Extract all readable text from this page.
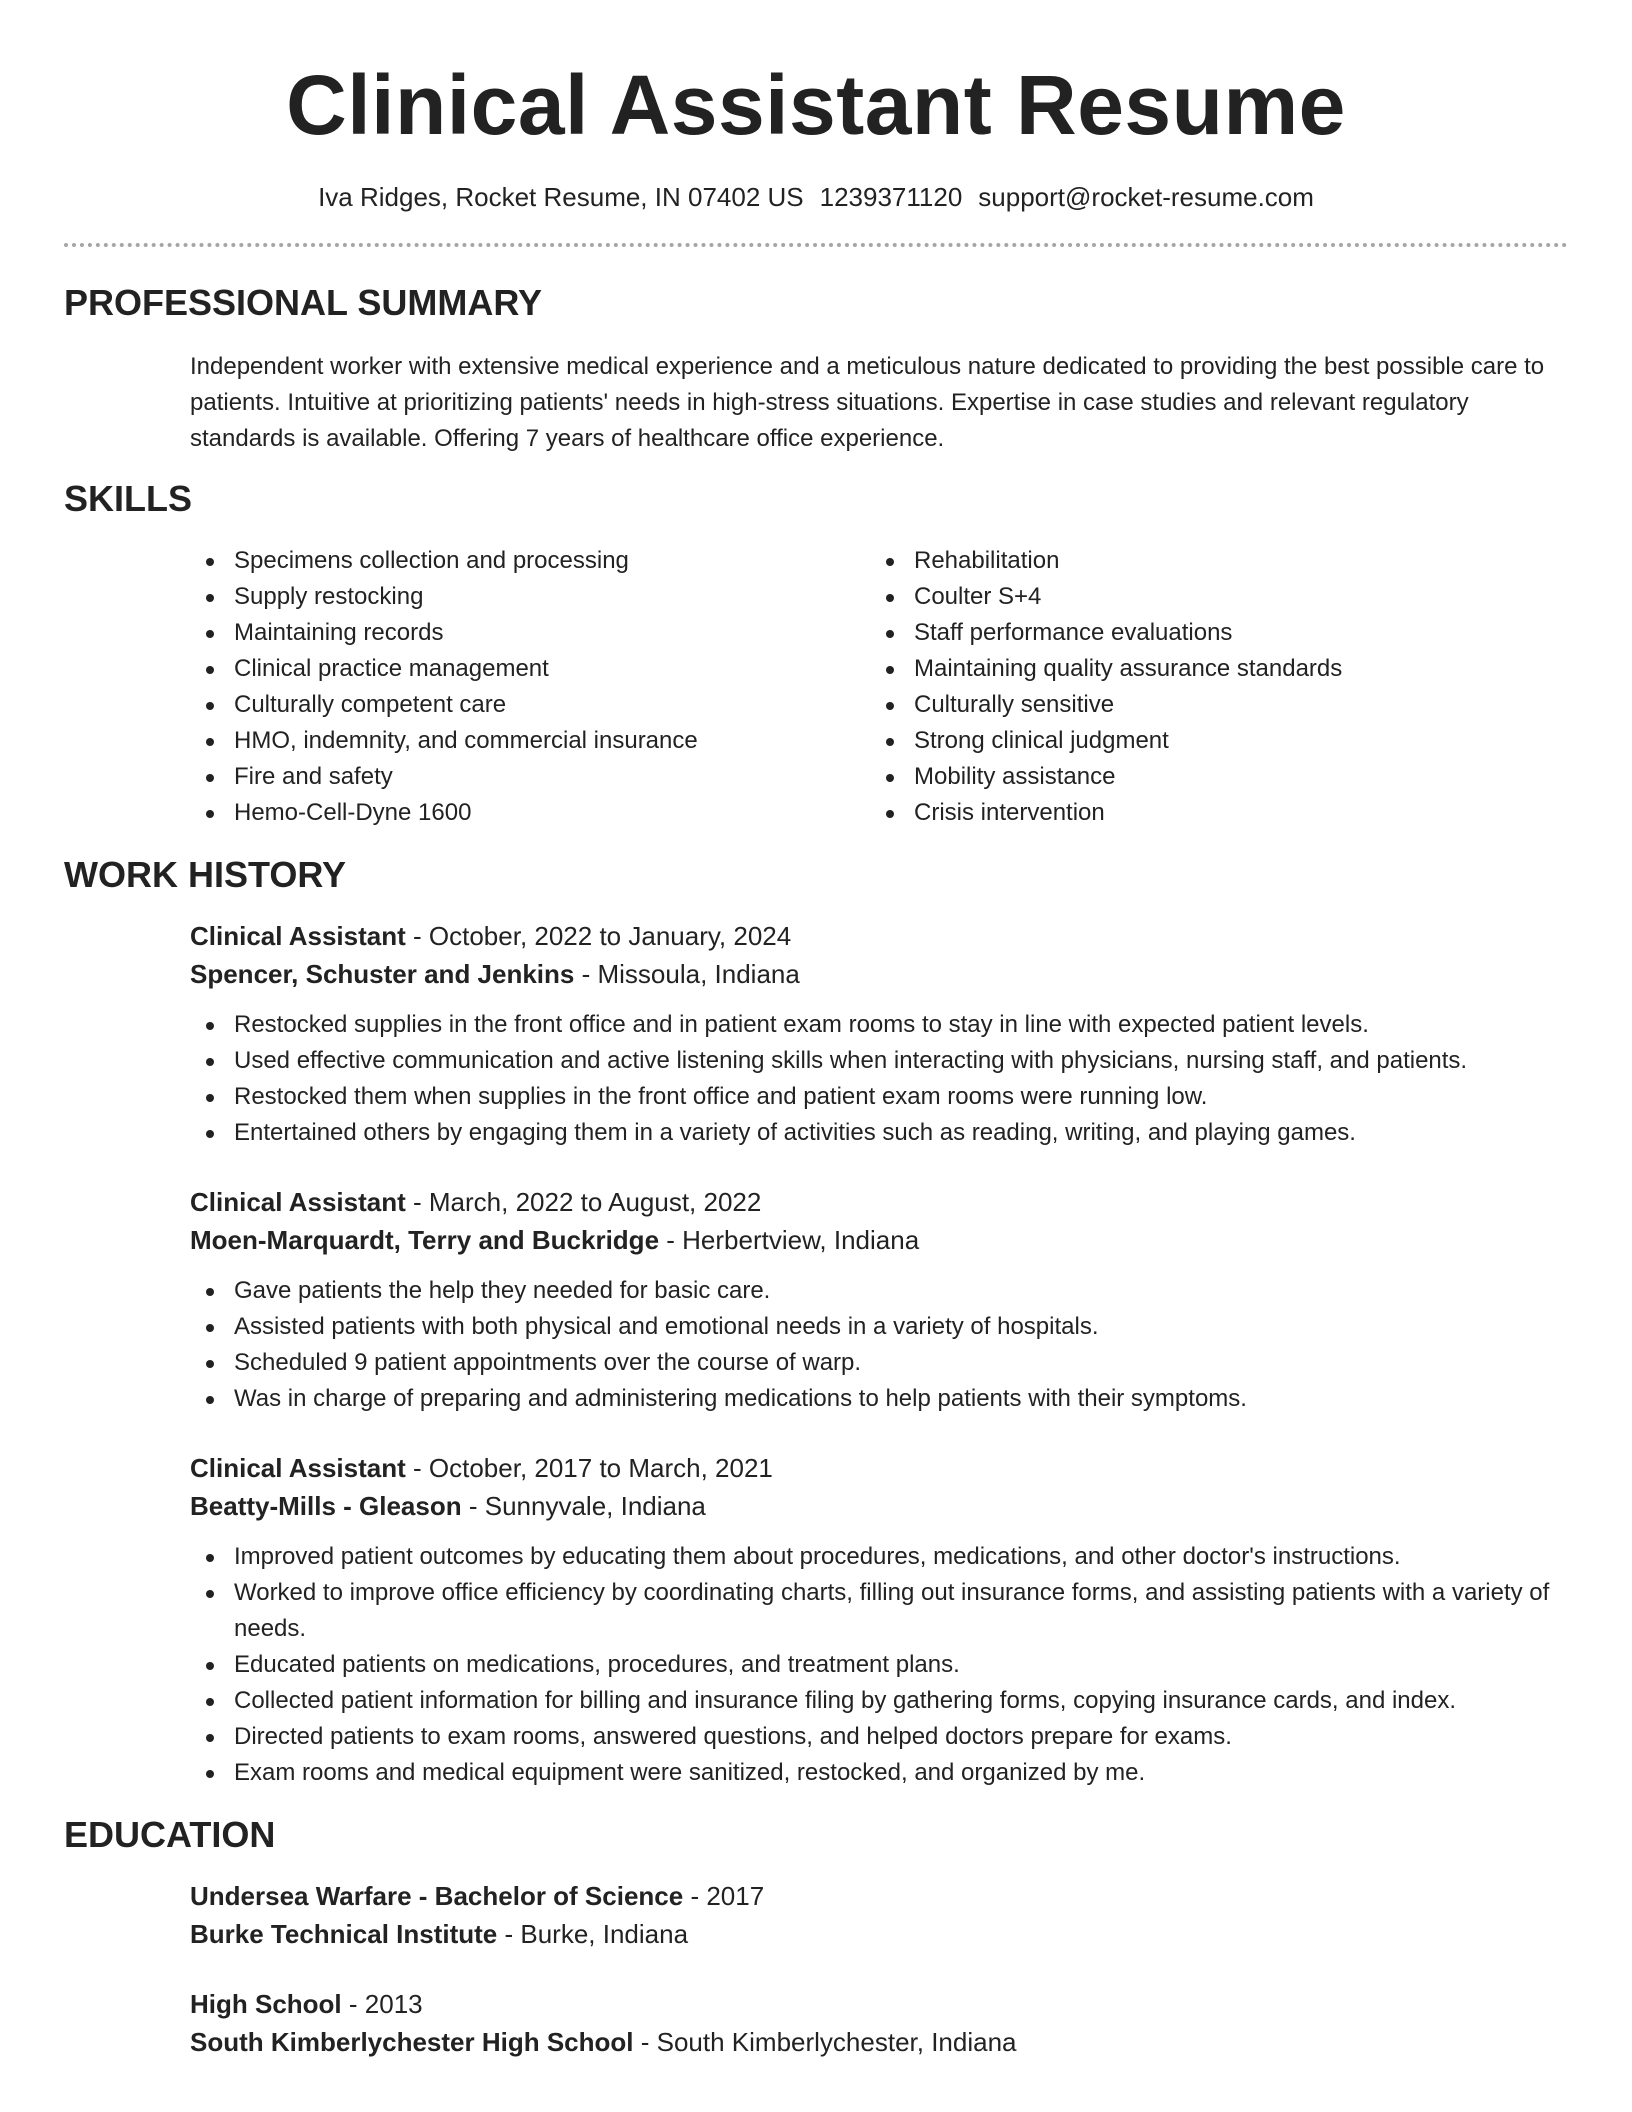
Clinical Assistant Resume
Iva Ridges, Rocket Resume, IN 07402 US 1239371120 support@rocket-resume.com
PROFESSIONAL SUMMARY

Independent worker with extensive medical experience and a meticulous nature dedicated to providing the best possible care to patients. Intuitive at prioritizing patients' needs in high-stress situations. Expertise in case studies and relevant regulatory standards is available. Offering 7 years of healthcare office experience.

SKILLS
Specimens collection and processing
Supply restocking
Maintaining records
Clinical practice management
Culturally competent care
HMO, indemnity, and commercial insurance
Fire and safety
Hemo-Cell-Dyne 1600
Rehabilitation
Coulter S+4
Staff performance evaluations
Maintaining quality assurance standards
Culturally sensitive
Strong clinical judgment
Mobility assistance
Crisis intervention
WORK HISTORY
Clinical Assistant - October, 2022 to January, 2024
Spencer, Schuster and Jenkins - Missoula, Indiana
Restocked supplies in the front office and in patient exam rooms to stay in line with expected patient levels.
Used effective communication and active listening skills when interacting with physicians, nursing staff, and patients.
Restocked them when supplies in the front office and patient exam rooms were running low.
Entertained others by engaging them in a variety of activities such as reading, writing, and playing games.
Clinical Assistant - March, 2022 to August, 2022
Moen-Marquardt, Terry and Buckridge - Herbertview, Indiana
Gave patients the help they needed for basic care.
Assisted patients with both physical and emotional needs in a variety of hospitals.
Scheduled 9 patient appointments over the course of warp.
Was in charge of preparing and administering medications to help patients with their symptoms.
Clinical Assistant - October, 2017 to March, 2021
Beatty-Mills - Gleason - Sunnyvale, Indiana
Improved patient outcomes by educating them about procedures, medications, and other doctor's instructions.
Worked to improve office efficiency by coordinating charts, filling out insurance forms, and assisting patients with a variety of needs.
Educated patients on medications, procedures, and treatment plans.
Collected patient information for billing and insurance filing by gathering forms, copying insurance cards, and index.
Directed patients to exam rooms, answered questions, and helped doctors prepare for exams.
Exam rooms and medical equipment were sanitized, restocked, and organized by me.
EDUCATION
Undersea Warfare - Bachelor of Science - 2017
Burke Technical Institute - Burke, Indiana
High School - 2013
South Kimberlychester High School - South Kimberlychester, Indiana
